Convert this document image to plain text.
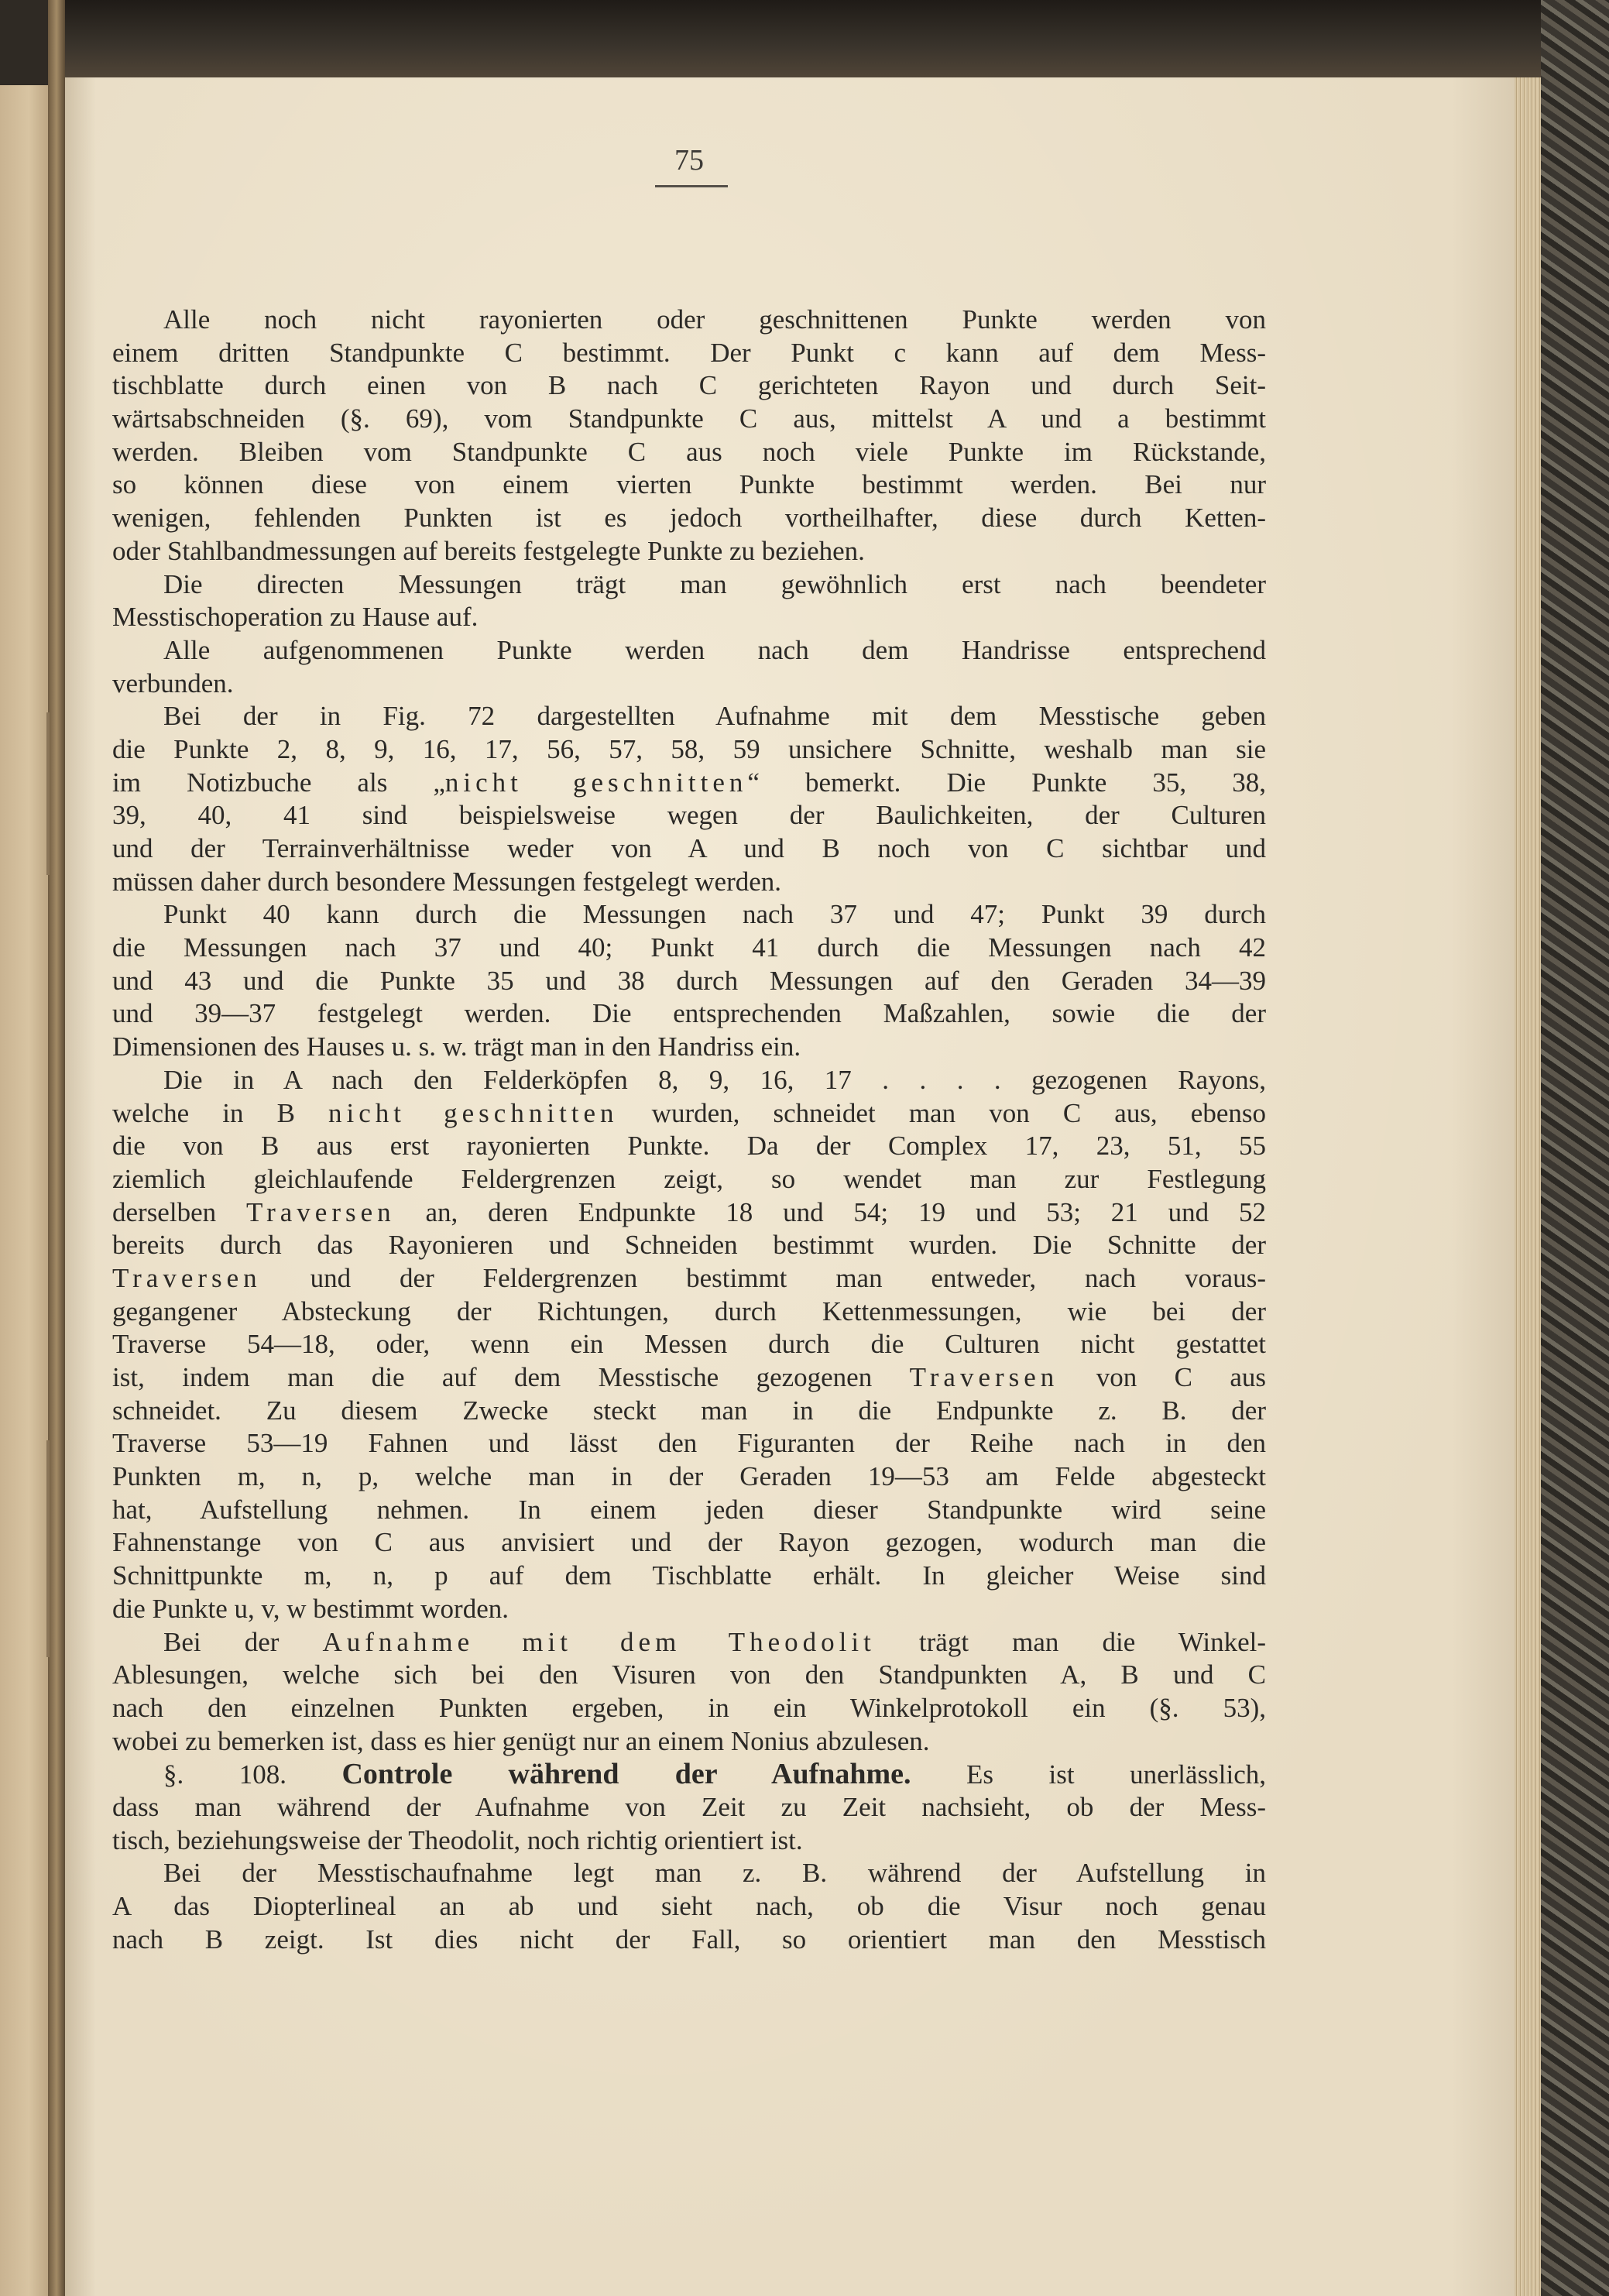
75
Alle noch nicht rayonierten oder geschnittenen Punkte werden von
einem dritten Standpunkte C bestimmt. Der Punkt c kann auf dem Mess-
tischblatte durch einen von B nach C gerichteten Rayon und durch Seit-
wärtsabschneiden (§. 69), vom Standpunkte C aus, mittelst A und a bestimmt
werden. Bleiben vom Standpunkte C aus noch viele Punkte im Rückstande,
so können diese von einem vierten Punkte bestimmt werden. Bei nur
wenigen, fehlenden Punkten ist es jedoch vortheilhafter, diese durch Ketten-
oder Stahlbandmessungen auf bereits festgelegte Punkte zu beziehen.
Die directen Messungen trägt man gewöhnlich erst nach beendeter
Messtischoperation zu Hause auf.
Alle aufgenommenen Punkte werden nach dem Handrisse entsprechend
verbunden.
Bei der in Fig. 72 dargestellten Aufnahme mit dem Messtische geben
die Punkte 2, 8, 9, 16, 17, 56, 57, 58, 59 unsichere Schnitte, weshalb man sie
im Notizbuche als „nicht geschnitten“ bemerkt. Die Punkte 35, 38,
39, 40, 41 sind beispielsweise wegen der Baulichkeiten, der Culturen
und der Terrainverhältnisse weder von A und B noch von C sichtbar und
müssen daher durch besondere Messungen festgelegt werden.
Punkt 40 kann durch die Messungen nach 37 und 47; Punkt 39 durch
die Messungen nach 37 und 40; Punkt 41 durch die Messungen nach 42
und 43 und die Punkte 35 und 38 durch Messungen auf den Geraden 34—39
und 39—37 festgelegt werden. Die entsprechenden Maßzahlen, sowie die der
Dimensionen des Hauses u. s. w. trägt man in den Handriss ein.
Die in A nach den Felderköpfen 8, 9, 16, 17 . . . . gezogenen Rayons,
welche in B nicht geschnitten wurden, schneidet man von C aus, ebenso
die von B aus erst rayonierten Punkte. Da der Complex 17, 23, 51, 55
ziemlich gleichlaufende Feldergrenzen zeigt, so wendet man zur Festlegung
derselben Traversen an, deren Endpunkte 18 und 54; 19 und 53; 21 und 52
bereits durch das Rayonieren und Schneiden bestimmt wurden. Die Schnitte der
Traversen und der Feldergrenzen bestimmt man entweder, nach voraus-
gegangener Absteckung der Richtungen, durch Kettenmessungen, wie bei der
Traverse 54—18, oder, wenn ein Messen durch die Culturen nicht gestattet
ist, indem man die auf dem Messtische gezogenen Traversen von C aus
schneidet. Zu diesem Zwecke steckt man in die Endpunkte z. B. der
Traverse 53—19 Fahnen und lässt den Figuranten der Reihe nach in den
Punkten m, n, p, welche man in der Geraden 19—53 am Felde abgesteckt
hat, Aufstellung nehmen. In einem jeden dieser Standpunkte wird seine
Fahnenstange von C aus anvisiert und der Rayon gezogen, wodurch man die
Schnittpunkte m, n, p auf dem Tischblatte erhält. In gleicher Weise sind
die Punkte u, v, w bestimmt worden.
Bei der Aufnahme mit dem Theodolit trägt man die Winkel-
Ablesungen, welche sich bei den Visuren von den Standpunkten A, B und C
nach den einzelnen Punkten ergeben, in ein Winkelprotokoll ein (§. 53),
wobei zu bemerken ist, dass es hier genügt nur an einem Nonius abzulesen.
§. 108. Controle während der Aufnahme. Es ist unerlässlich,
dass man während der Aufnahme von Zeit zu Zeit nachsieht, ob der Mess-
tisch, beziehungsweise der Theodolit, noch richtig orientiert ist.
Bei der Messtischaufnahme legt man z. B. während der Aufstellung in
A das Diopterlineal an ab und sieht nach, ob die Visur noch genau
nach B zeigt. Ist dies nicht der Fall, so orientiert man den Messtisch
